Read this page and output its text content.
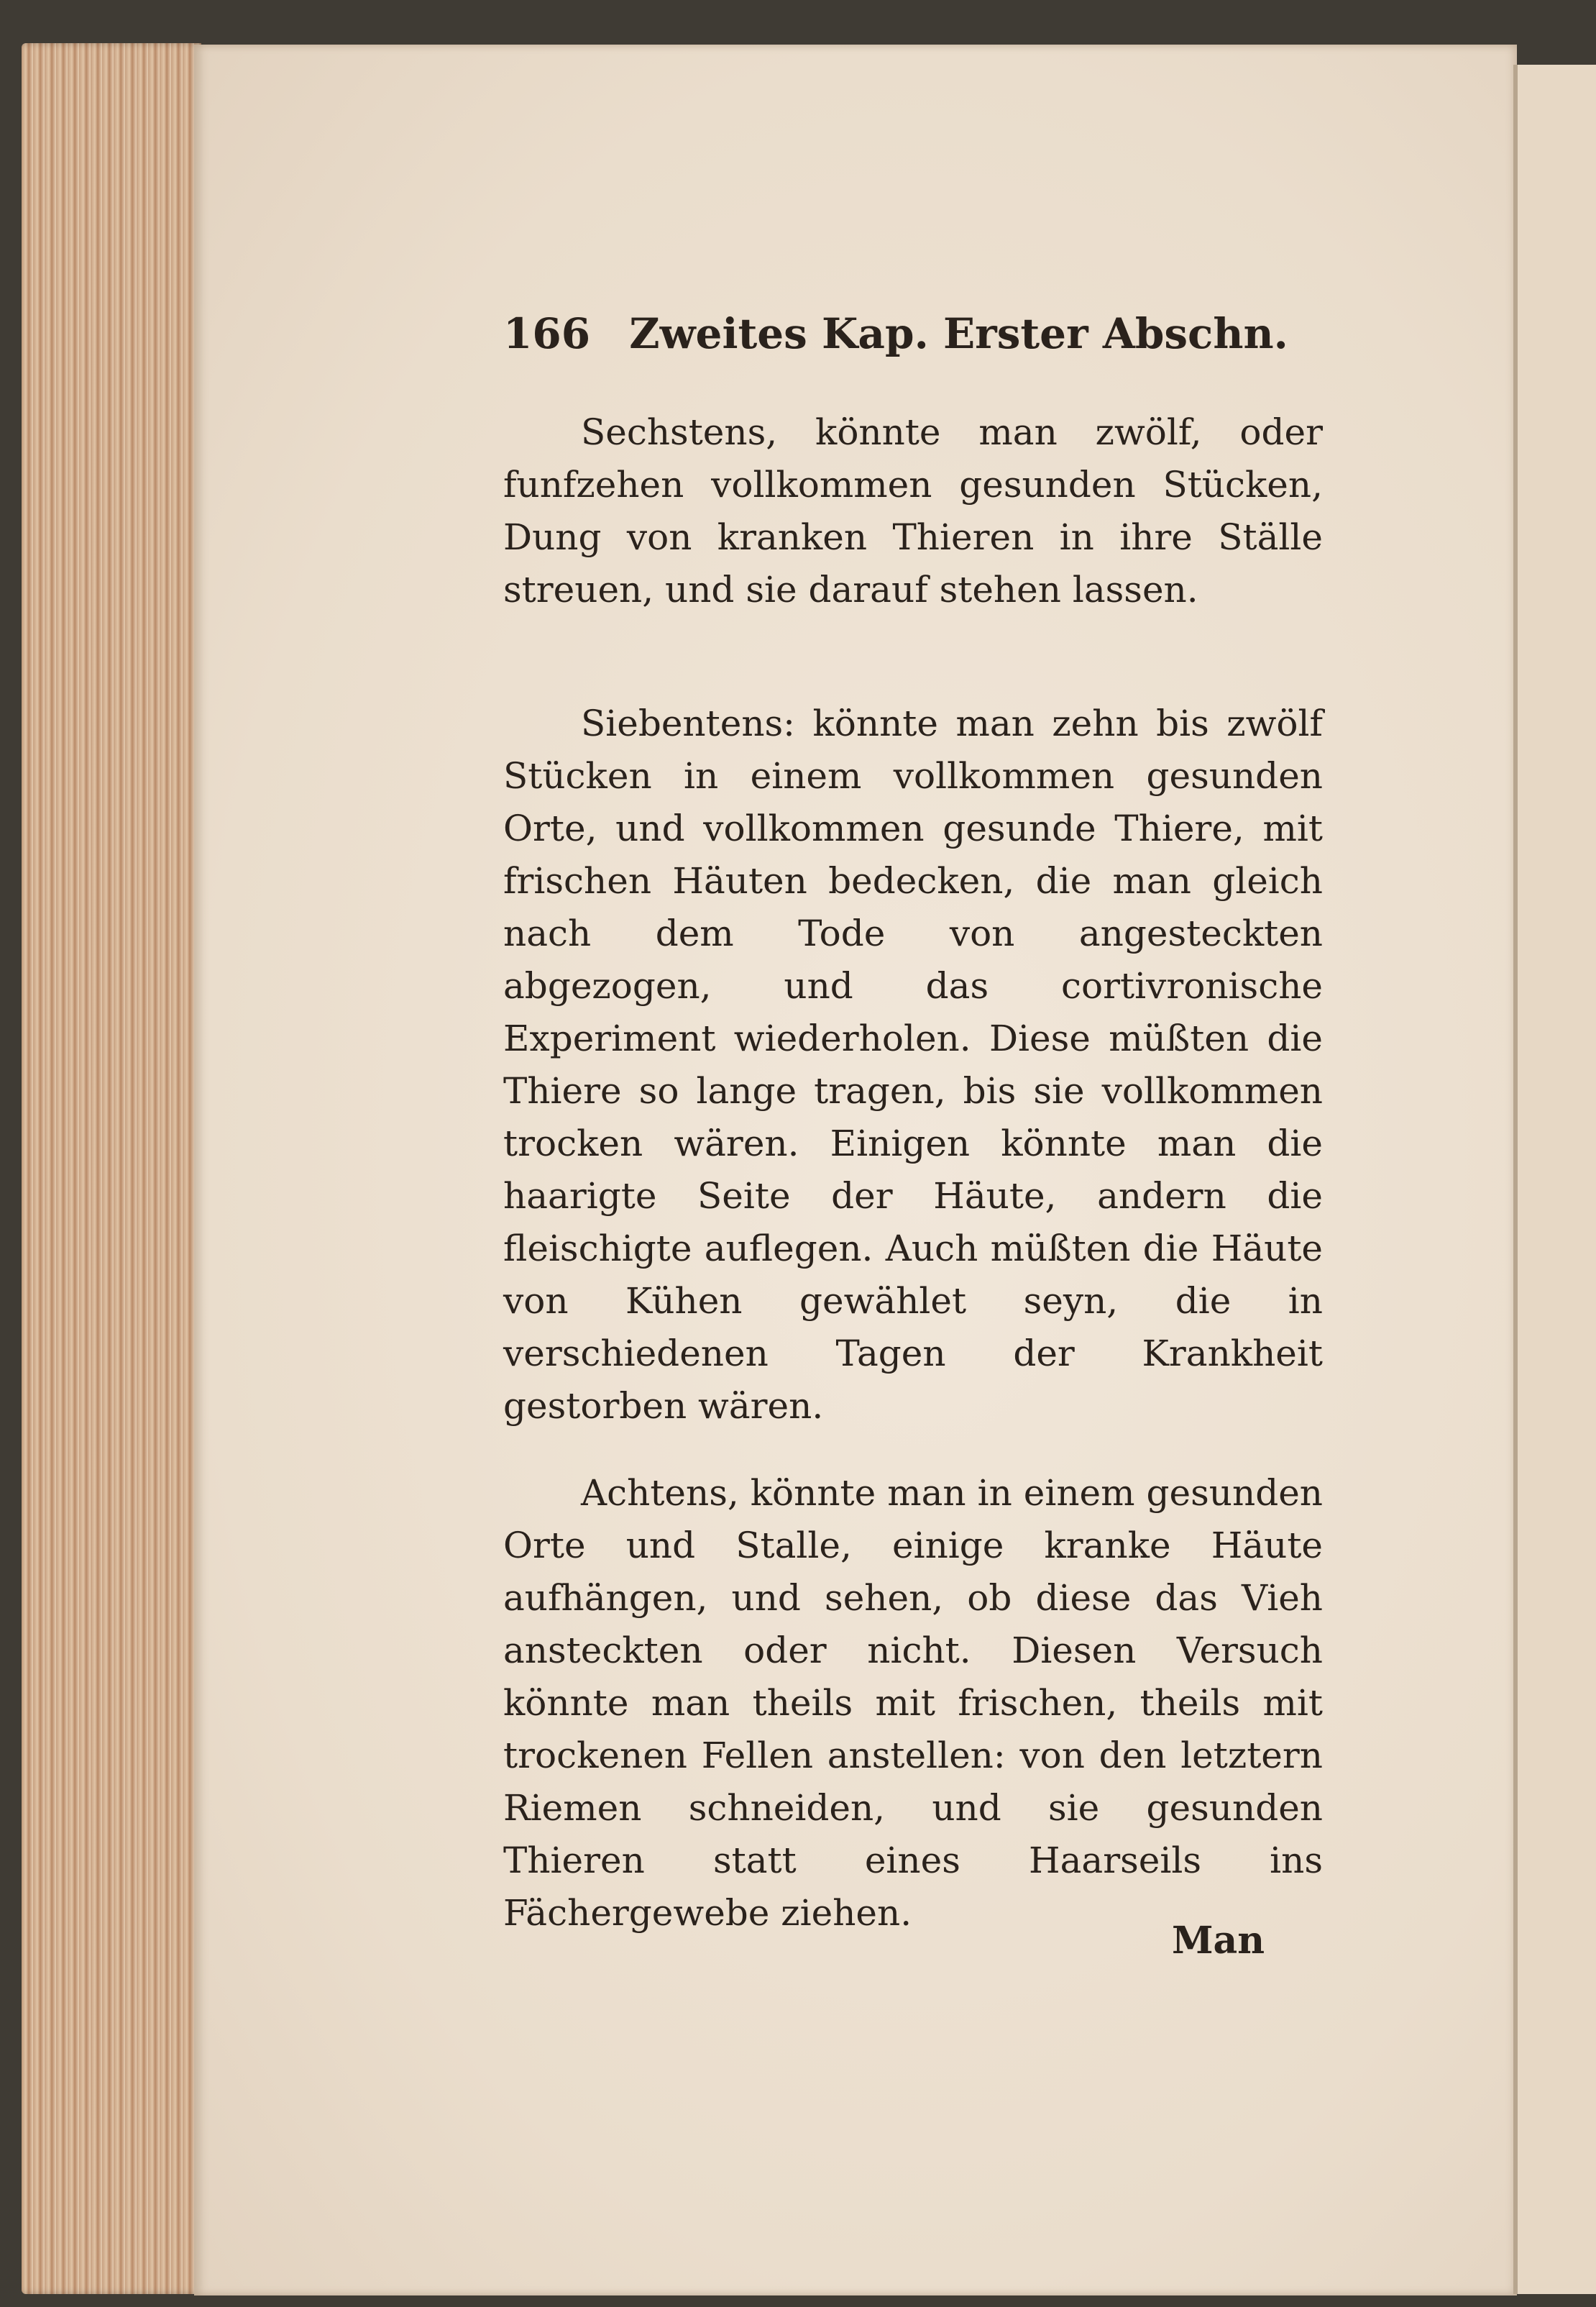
166 Zweites Kap. Erster Abschn.
Sechstens, könnte man zwölf, oder funfzehen vollkommen gesunden Stücken, Dung von kranken Thieren in ihre Ställe streuen, und sie darauf stehen lassen.
Siebentens: könnte man zehn bis zwölf Stücken in einem vollkommen gesunden Orte, und vollkommen gesunde Thiere, mit frischen Häuten bedecken, die man gleich nach dem Tode von angesteckten abgezogen, und das cortivronische Experiment wiederholen. Diese müßten die Thiere so lange tragen, bis sie vollkommen trocken wären. Einigen könnte man die haarigte Seite der Häute, andern die fleischigte auflegen. Auch müßten die Häute von Kühen gewählet seyn, die in verschiedenen Tagen der Krankheit gestorben wären.
Achtens, könnte man in einem gesunden Orte und Stalle, einige kranke Häute aufhängen, und sehen, ob diese das Vieh ansteckten oder nicht. Diesen Versuch könnte man theils mit frischen, theils mit trockenen Fellen anstellen: von den letztern Riemen schneiden, und sie gesunden Thieren statt eines Haarseils ins Fächergewebe ziehen.
Man
